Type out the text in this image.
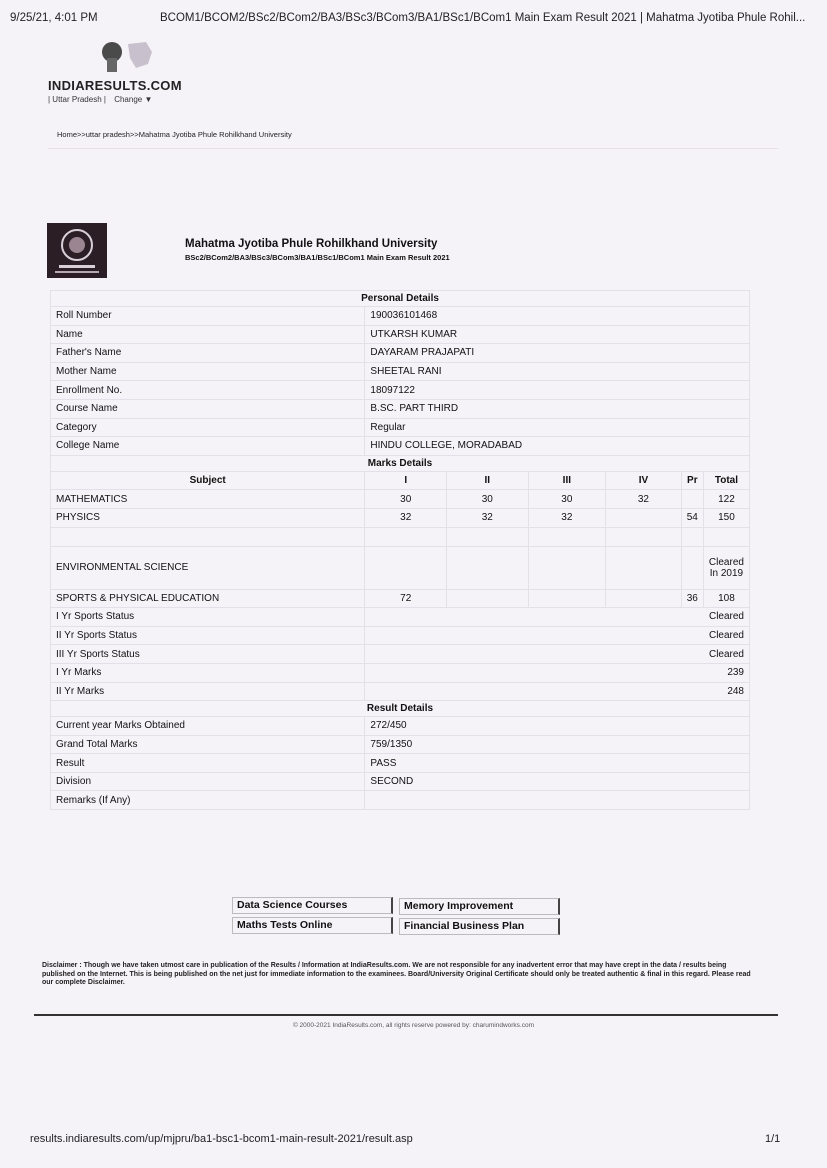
9/25/21, 4:01 PM	BCOM1/BCOM2/BSc2/BCom2/BA3/BSc3/BCom3/BA1/BSc1/BCom1 Main Exam Result 2021 | Mahatma Jyotiba Phule Rohil...
INDIARESULTS.COM
| Uttar Pradesh | Change ▼
Home>>uttar pradesh>>Mahatma Jyotiba Phule Rohilkhand University
Mahatma Jyotiba Phule Rohilkhand University
BSc2/BCom2/BA3/BSc3/BCom3/BA1/BSc1/BCom1 Main Exam Result 2021
Personal Details						
Roll Number	190036101468					
Name	UTKARSH KUMAR					
Father's Name	DAYARAM PRAJAPATI					
Mother Name	SHEETAL RANI					
Enrollment No.	18097122					
Course Name	B.SC. PART THIRD					
Category	Regular					
College Name	HINDU COLLEGE, MORADABAD					
Marks Details						
Subject	I	II	III	IV	Pr	Total
MATHEMATICS	30	30	30	32		122
PHYSICS	32	32	32		54	150

ENVIRONMENTAL SCIENCE						Cleared In 2019
SPORTS & PHYSICAL EDUCATION	72				36	108
I Yr Sports Status	Cleared					
II Yr Sports Status	Cleared					
III Yr Sports Status	Cleared					
I Yr Marks	239					
II Yr Marks	248					
Result Details						
Current year Marks Obtained	272/450					
Grand Total Marks	759/1350					
Result	PASS					
Division	SECOND					
Remarks (If Any)						
Data Science Courses	Memory Improvement
Maths Tests Online	Financial Business Plan
Disclaimer : Though we have taken utmost care in publication of the Results / Information at IndiaResults.com. We are not responsible for any inadvertent error that may have crept in the data / results being published on the Internet. This is being published on the net just for immediate information to the examinees. Board/University Original Certificate should only be treated authentic & final in this regard. Please read our complete Disclaimer.
© 2000-2021 IndiaResults.com, all rights reserve powered by: charumindworks.com
results.indiaresults.com/up/mjpru/ba1-bsc1-bcom1-main-result-2021/result.asp	1/1
